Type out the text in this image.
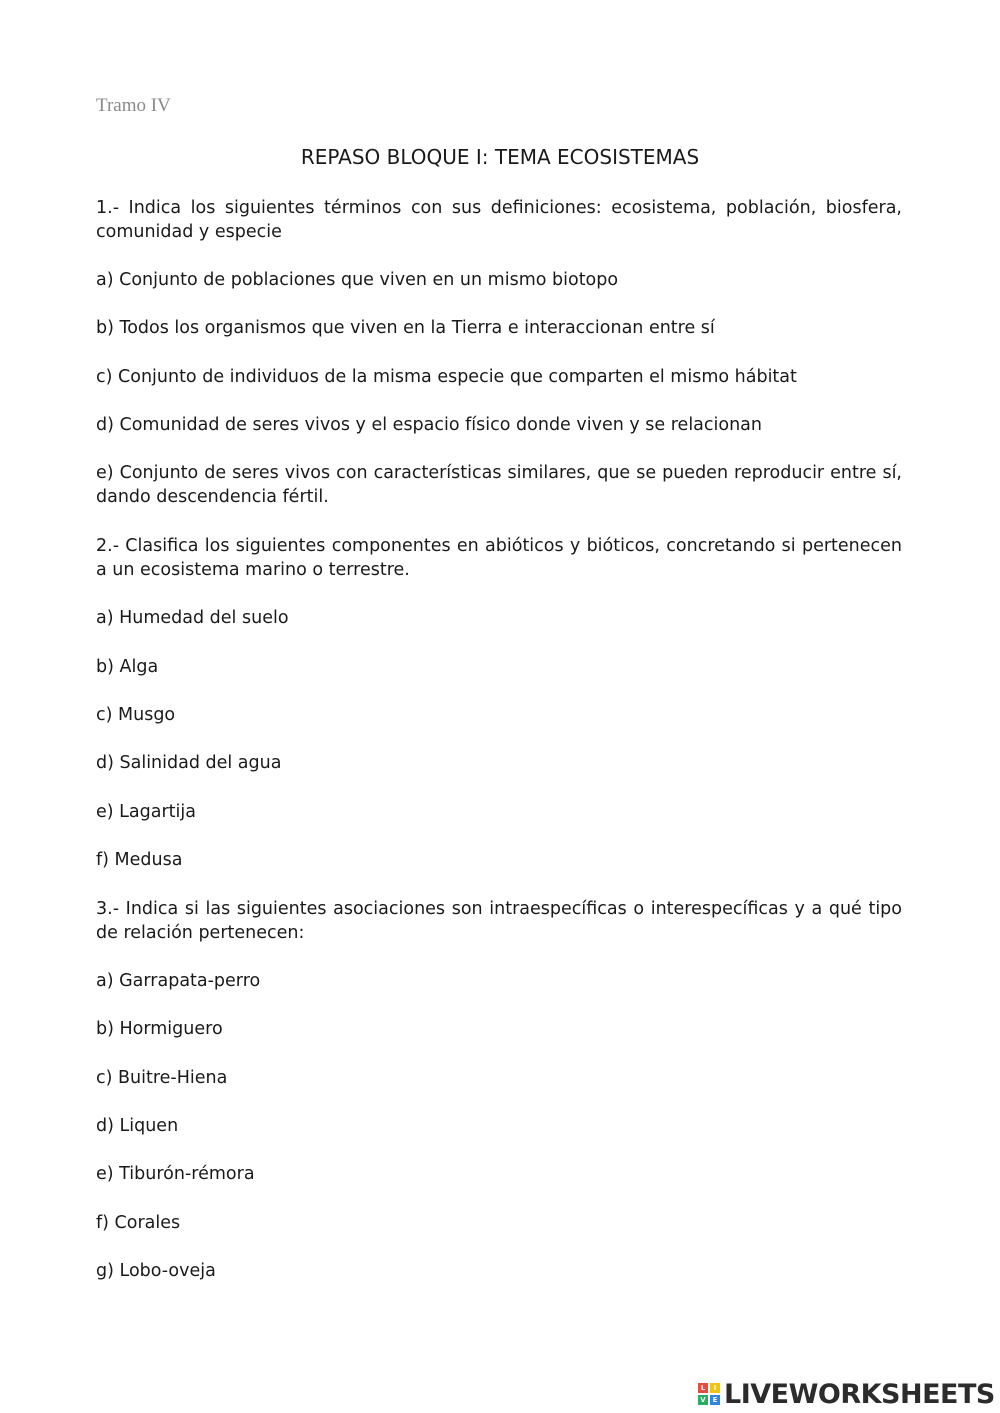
Tramo IV
REPASO BLOQUE I: TEMA ECOSISTEMAS
1.- Indica los siguientes términos con sus definiciones: ecosistema, población, biosfera, comunidad y especie
a) Conjunto de poblaciones que viven en un mismo biotopo
b) Todos los organismos que viven en la Tierra e interaccionan entre sí
c) Conjunto de individuos de la misma especie que comparten el mismo hábitat
d) Comunidad de seres vivos y el espacio físico donde viven y se relacionan
e) Conjunto de seres vivos con características similares, que se pueden reproducir entre sí, dando descendencia fértil.
2.- Clasifica los siguientes componentes en abióticos y bióticos, concretando si pertenecen a un ecosistema marino o terrestre.
a) Humedad del suelo
b) Alga
c) Musgo
d) Salinidad del agua
e) Lagartija
f) Medusa
3.- Indica si las siguientes asociaciones son intraespecíficas o interespecíficas y a qué tipo de relación pertenecen:
a) Garrapata-perro
b) Hormiguero
c) Buitre-Hiena
d) Liquen
e) Tiburón-rémora
f) Corales
g) Lobo-oveja
L	I
V E LIVEWORKSHEETS
